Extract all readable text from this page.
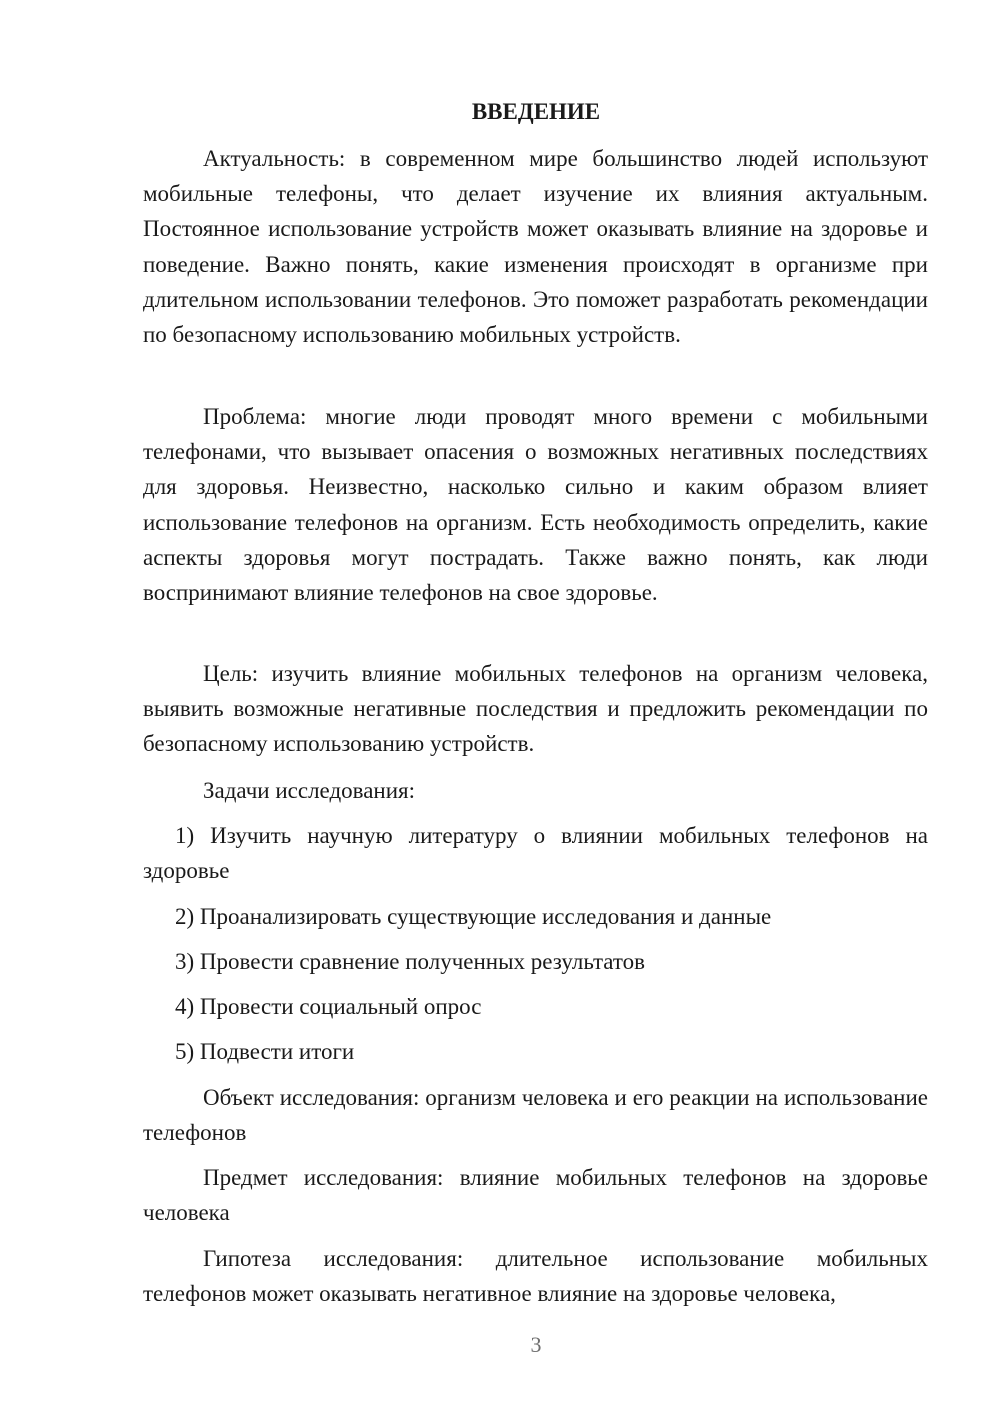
ВВЕДЕНИЕ

Актуальность: в современном мире большинство людей используют мобильные телефоны, что делает изучение их влияния актуальным. Постоянное использование устройств может оказывать влияние на здоровье и поведение. Важно понять, какие изменения происходят в организме при длительном использовании телефонов. Это поможет разработать рекомендации по безопасному использованию мобильных устройств.

Проблема: многие люди проводят много времени с мобильными телефонами, что вызывает опасения о возможных негативных последствиях для здоровья. Неизвестно, насколько сильно и каким образом влияет использование телефонов на организм. Есть необходимость определить, какие аспекты здоровья могут пострадать. Также важно понять, как люди воспринимают влияние телефонов на свое здоровье.

Цель: изучить влияние мобильных телефонов на организм человека, выявить возможные негативные последствия и предложить рекомендации по безопасному использованию устройств.

Задачи исследования:

1) Изучить научную литературу о влиянии мобильных телефонов на здоровье

2) Проанализировать существующие исследования и данные

3) Провести сравнение полученных результатов

4) Провести социальный опрос

5) Подвести итоги

Объект исследования: организм человека и его реакции на использование телефонов

Предмет исследования: влияние мобильных телефонов на здоровье человека

Гипотеза исследования: длительное использование мобильных телефонов может оказывать негативное влияние на здоровье человека,

3
